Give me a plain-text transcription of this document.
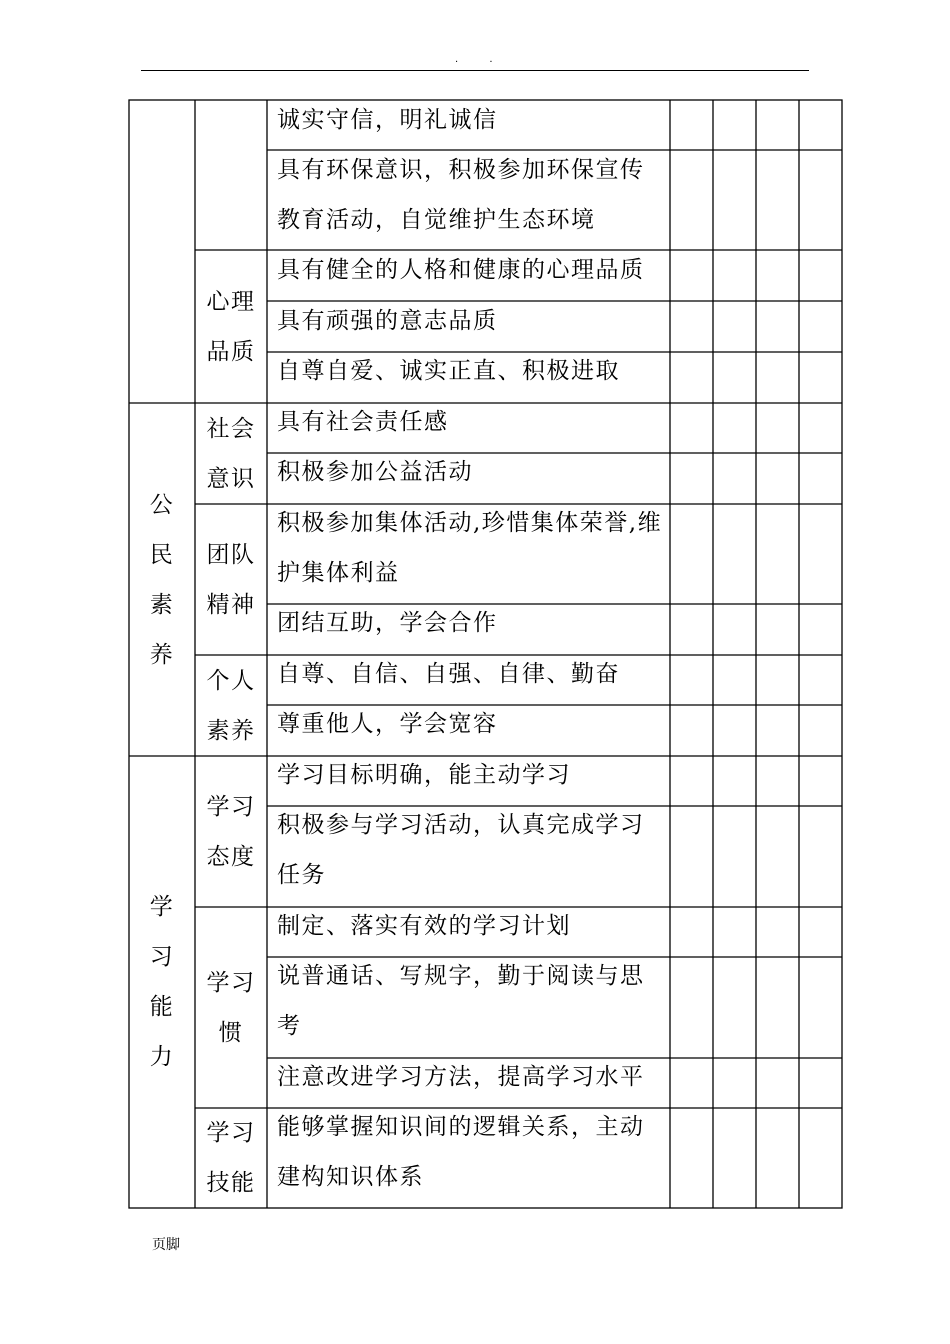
. .
公民素养
学习能力
心理品质
社会意识
团队精神
个人素养
学习态度
学习惯
学习技能
诚实守信，明礼诚信
具有环保意识，积极参加环保宣传教育活动，自觉维护生态环境
具有健全的人格和健康的心理品质
具有顽强的意志品质
自尊自爱、诚实正直、积极进取
具有社会责任感
积极参加公益活动
积极参加集体活动,珍惜集体荣誉,维护集体利益
团结互助，学会合作
自尊、自信、自强、自律、勤奋
尊重他人，学会宽容
学习目标明确，能主动学习
积极参与学习活动，认真完成学习任务
制定、落实有效的学习计划
说普通话、写规字，勤于阅读与思考
注意改进学习方法，提高学习水平
能够掌握知识间的逻辑关系，主动建构知识体系
页脚
